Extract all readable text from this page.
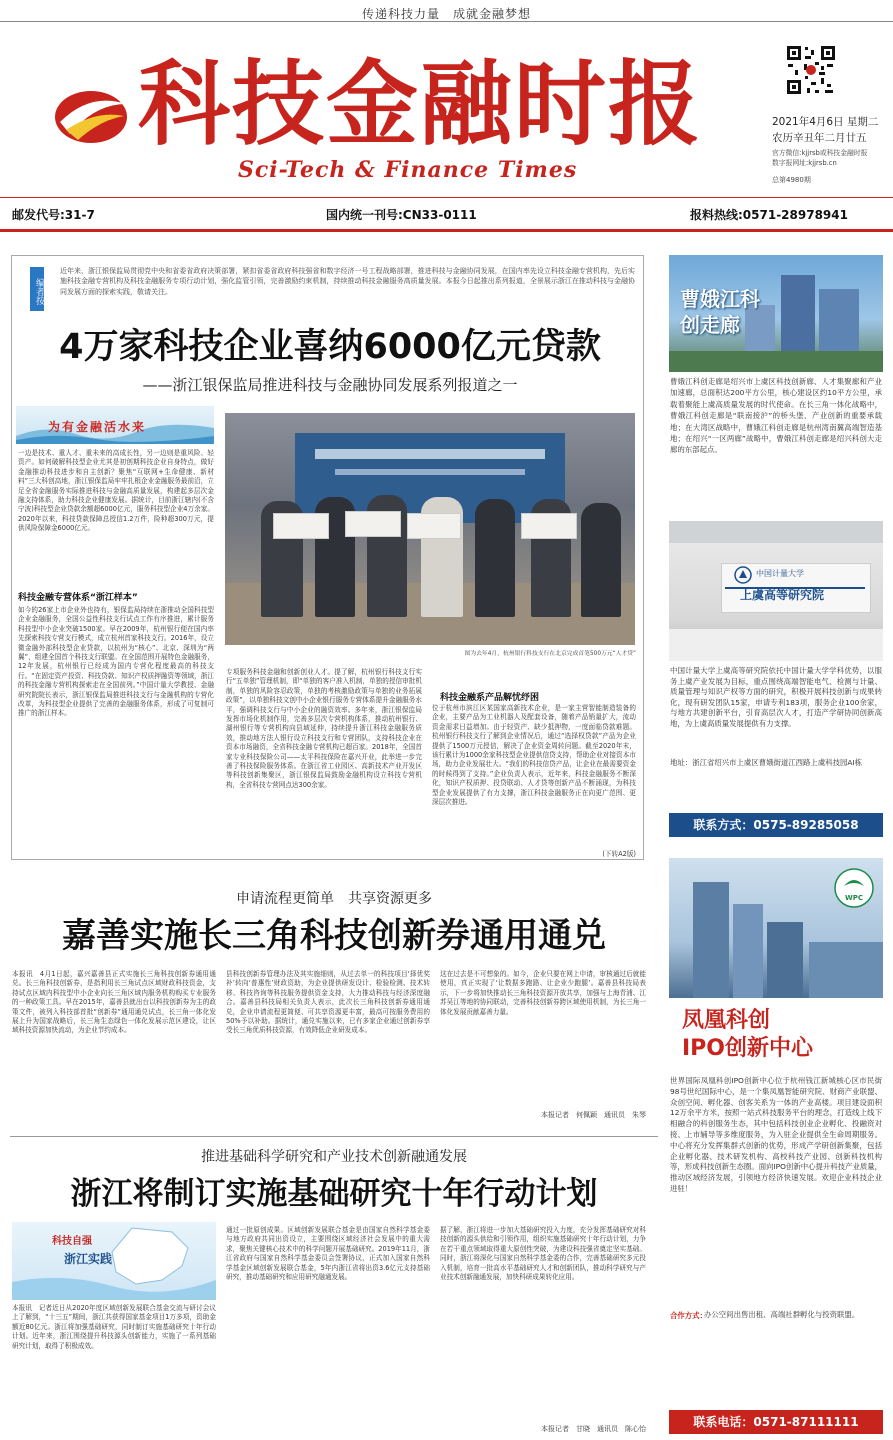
传递科技力量　成就金融梦想
科技金融时报
Sci-Tech & Finance Times
2021年4月6日 星期二
农历辛丑年二月廿五
官方微信:kjjrsb或科技金融时报
数字报网址:kjjrsb.cn
总第4980期
邮发代号:31-7	国内统一刊号:CN33-0111	报料热线:0571-28978941
编者按
近年来，浙江银保监局贯彻党中央和省委省政府决策部署，紧扣省委省政府科技强省和数字经济一号工程战略部署，推进科技与金融协同发展，在国内率先设立科技金融专营机构，先后实施科技金融专营机构及科技金融服务专项行动计划，强化监管引领，完善激励约束机制，持续推动科技金融服务高质量发展。本报今日起推出系列报道，全景展示浙江在推动科技与金融协同发展方面的探索实践，敬请关注。
4万家科技企业喜纳6000亿元贷款
——浙江银保监局推进科技与金融协同发展系列报道之一
为有金融活水来
一边是技术、重人才、重未来的高成长性，另一边则是重风险、轻资产。如何破解科技型企业尤其是初创期科技企业自身特点，做好金融推动科技进步和自主创新？聚焦“互联网+生命健康、新材料”三大科创高地，浙江银保监局牢牢扎根企业金融服务最前沿，立足全省金融服务实际推进科技与金融高质量发展，构建起多层次金融支持体系，助力科技企业健康发展。据统计，目前浙江辖内(不含宁波)科技型企业贷款余额超6000亿元，服务科技型企业4万余家。2020年以来，科技贷款保障总授信1.2万件，险种超300万元，提供风险保障金6000亿元。
科技金融专营体系“浙江样本”
如今的26家上市企业外也持有，银保监局持续在浙推动全国科技型企业金融服务，全国公益性科技支行试点工作有序推进，累计服务科技型中小企业突破1500家。早在2009年，杭州银行便在国内率先探索科技专营支行模式，成立杭州首家科技支行。2016年，设立微金融外部科技型企业贷款，以杭州为“核心”、北京、深圳为“两翼”，组建全国首个科技支行联盟。在全国范围开展特色金融服务，12年发展，杭州银行已经成为国内专营化程度最高的科技支行。“在固定资产投资、科技贷款、知识产权质押融资等领域，浙江的科技金融专营机构探索走在全国前列。”中国计量大学教授、金融研究院院长表示，浙江银保监局推进科技支行与金融机构的专营化改革，为科技型企业提供了完善的金融服务体系，形成了可复制可推广的浙江样本。
图为去年4月，杭州银行科技支行在北京完成首笔500万元“人才贷”
专项服务科技金融和创新创业人才。提了解，杭州银行科技支行实行“五单独”管理机制，即“单独的客户准入机制，单独的授信审批机制，单独的风险容忍政策，单独的考核激励政策与单独的业务拓展政策”，以单独科技文创中小企业银行服务专营体系提升金融服务水平，强调科技支行与中小企业的融资效率。多年来，浙江银保监局发挥市场化机制作用，完善多层次专营机构体系，推动杭州银行、湖州银行等专营机构向县域延伸，持续提升浙江科技金融服务质效，推动地方法人银行设立科技支行和专营团队，支持科技企业在资本市场融资，全省科技金融专营机构已超百家。2018年，全国首家专业科技保险公司——太平科技保险在嘉兴开业，此举进一步完善了科技保险服务体系。在浙江省工业园区、高新技术产业开发区等科技创新集聚区，浙江银保监局鼓励金融机构设立科技专营机构，全省科技专营网点达300余家。
科技金融系产品解忧纾困
位于杭州市滨江区某国家高新技术企业，是一家主营智能制造装备的企业，主要产品为工业机器人及配套设备，随着产品销量扩大，流动资金需求日益增加。由于轻资产、缺少抵押物，一度面临贷款难题。杭州银行科技支行了解到企业情况后，通过“选择权贷款”产品为企业提供了1500万元授信，解决了企业资金周转问题。截至2020年末，该行累计为1000余家科技型企业提供信贷支持，帮助企业对接资本市场，助力企业发展壮大。“我们的科技信贷产品，让企业在最需要资金的时候得到了支持。”企业负责人表示，近年来，科技金融服务不断深化，知识产权质押、投贷联动、人才贷等创新产品不断涌现，为科技型企业发展提供了有力支撑，浙江科技金融服务正在向更广范围、更深层次推进。
(下转A2版)
曹娥江科创走廊
曹娥江科创走廊是绍兴市上虞区科技创新廊、人才集聚廊和产业加速廊，总面积达200平方公里，核心建设区约10平方公里，承载着聚能上虞高质量发展的时代使命。在长三角一体化战略中，曹娥江科创走廊是“联南接沪”的桥头堡、产业创新的重要承载地；在大湾区战略中，曹娥江科创走廊是杭州湾南翼高端智造基地；在绍兴“一区两廊”战略中，曹娥江科创走廊是绍兴科创大走廊的东部起点。
中国计量大学
上虞高等研究院
中国计量大学上虞高等研究院依托中国计量大学学科优势，以服务上虞产业发展为目标，重点围绕高端智能电气、检测与计量、质量管理与知识产权等方面的研究，积极开展科技创新与成果转化，现有研发团队15家，申请专利183项，服务企业100余家，与地方共建创新平台，引育高层次人才，打造产学研协同创新高地，为上虞高质量发展提供有力支撑。
地址：浙江省绍兴市上虞区曹娥街道江西路上虞科技园AI栋
联系方式：0575-89285058
WPC
凤凰科创
IPO创新中心
世界国际凤凰科创IPO创新中心位于杭州钱江新城核心区市民街98号世纪国际中心，是一个集凤凰智能研究院、财商产业联盟、众创空间、孵化器、创客关系为一体的产业高楼。项目建设面积12万余平方米，按照一站式科技服务平台的理念，打造线上线下相融合的科创服务生态，其中包括科技创业企业孵化、投融资对接、上市辅导等多维度服务，为入驻企业提供全生命周期服务。中心将充分发挥集群式创新的优势，形成产学研创新集聚，包括企业孵化器、技术研发机构、高校科技产业园、创新科技机构等，形成科技创新生态圈。面向IPO创新中心提升科技产业质量，推动区域经济发展，引领地方经济快速发展。欢迎企业科技企业进驻！
合作方式：
办公空间出售出租、高端社群孵化与投资联盟。
联系电话：0571-87111111
申请流程更简单　共享资源更多
嘉善实施长三角科技创新券通用通兑
本报讯　4月1日起，嘉兴嘉善县正式实施长三角科技创新券通用通兑。长三角科技创新券，是指利用长三角试点区域财政科技资金，支持试点区域内科技型中小企业向长三角区域内服务机构购买专业服务的一种政策工具。早在2015年，嘉善县就出台以科技创新券为主的政策文件，被列入科技部首批“创新券”通用通兑试点，长三角一体化发展上升为国家战略后，长三角生态绿色一体化发展示范区建设，让区域科技资源加快流动，为企业节约成本。
县科技创新券管理办法及其实施细则，从过去单一的科技项目‘择优奖补’转向‘普惠性’财政资助，为企业提供研发设计、检验检测、技术转移、科技咨询等科技服务提供资金支持，大力推动科技与经济深度融合。嘉善县科技局相关负责人表示，此次长三角科技创新券通用通兑，企业申请流程更简便、可共享资源更丰富，最高可按服务费用的50%予以补助。据统计，通兑实施以来，已有多家企业通过创新券享受长三角优质科技资源，有效降低企业研发成本。
这在过去是不可想象的。如今，企业只要在网上申请，审核通过后就能使用，真正实现了‘让数据多跑路、让企业少跑腿’。嘉善县科技局表示，下一步将加快推动长三角科技资源开放共享，加强与上海青浦、江苏吴江等地的协同联动，完善科技创新券跨区域使用机制，为长三角一体化发展贡献嘉善力量。
本报记者　何佩颖　通讯员　朱琴
推进基础科学研究和产业技术创新融通发展
浙江将制订实施基础研究十年行动计划
科技自强
浙江实践
本报讯　记者近日从2020年度区域创新发展联合基金交流与研讨会议上了解到，“十三五”期间，浙江共获得国家基金项目1万多项，资助金额近80亿元。浙江将加强基础研究，同时制订实施基础研究十年行动计划。近年来，浙江围绕提升科技源头创新能力，实施了一系列基础研究计划，取得了积极成效。
通过一批原创成果。区域创新发展联合基金是由国家自然科学基金委与地方政府共同出资设立，主要围绕区域经济社会发展中的重大需求，聚焦关键核心技术中的科学问题开展基础研究。2019年11月，浙江省政府与国家自然科学基金委员会签署协议，正式加入国家自然科学基金区域创新发展联合基金，5年内浙江省将出资3.6亿元支持基础研究，推动基础研究和应用研究融通发展。
据了解，浙江将进一步加大基础研究投入力度，充分发挥基础研究对科技创新的源头供给和引领作用，组织实施基础研究十年行动计划，力争在若干重点领域取得重大原创性突破，为建设科技强省奠定坚实基础。同时，浙江将深化与国家自然科学基金委的合作，完善基础研究多元投入机制，培育一批高水平基础研究人才和创新团队，推动科学研究与产业技术创新融通发展，加快科研成果转化应用。
本报记者　甘晓　通讯员　陈心怡
